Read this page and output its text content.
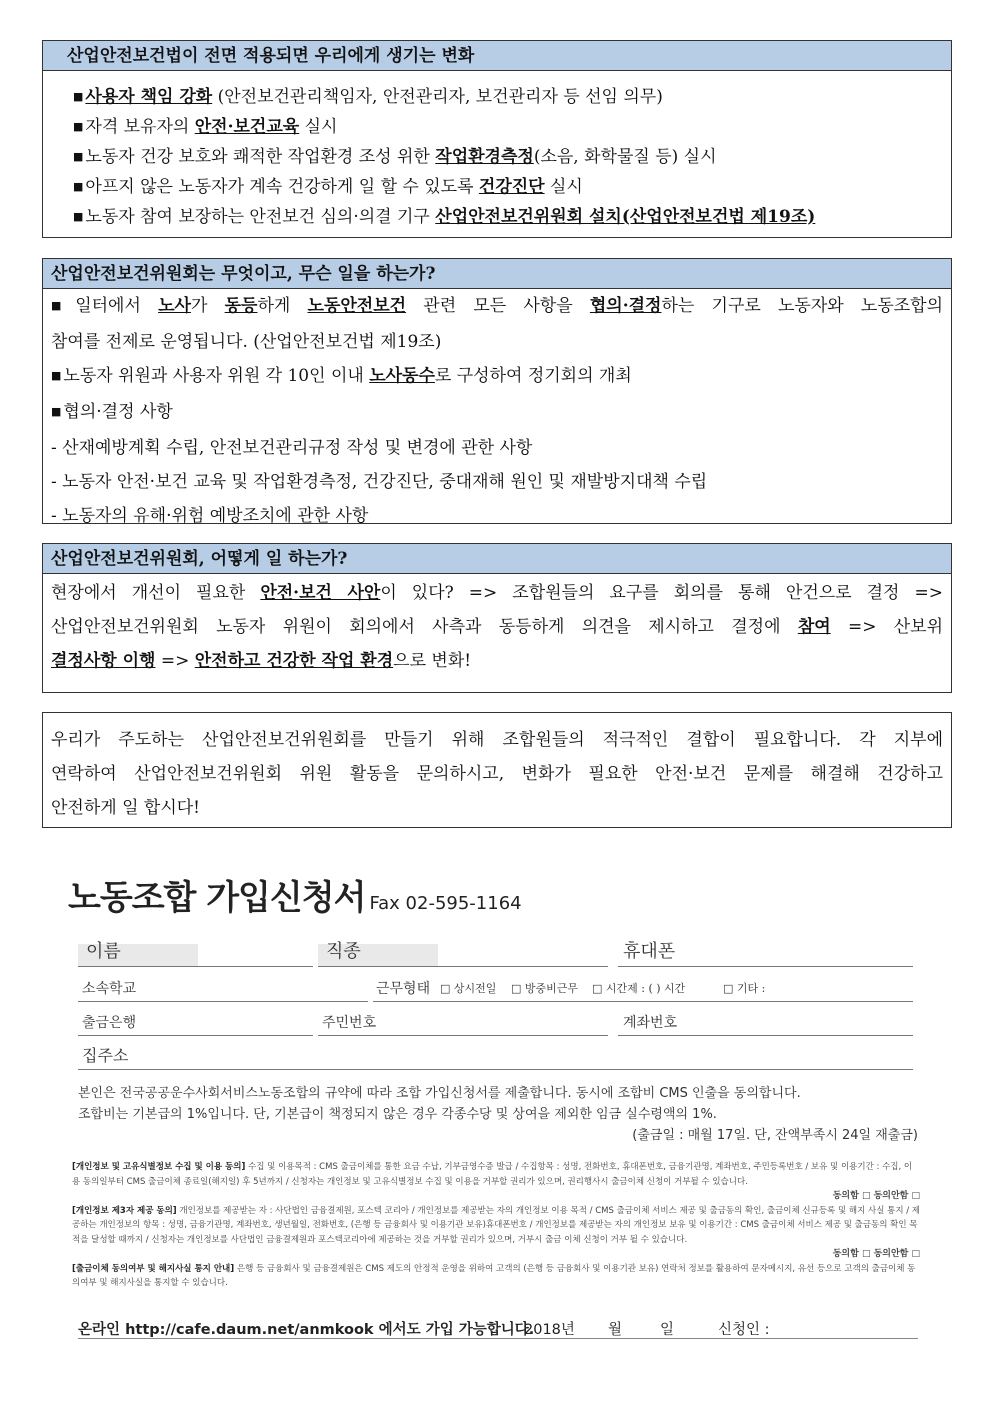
산업안전보건법이 전면 적용되면 우리에게 생기는 변화
■ 사용자 책임 강화 (안전보건관리책임자, 안전관리자, 보건관리자 등 선임 의무)
■ 자격 보유자의 안전·보건교육 실시
■ 노동자 건강 보호와 쾌적한 작업환경 조성 위한 작업환경측정(소음, 화학물질 등) 실시
■ 아프지 않은 노동자가 계속 건강하게 일 할 수 있도록 건강진단 실시
■ 노동자 참여 보장하는 안전보건 심의·의결 기구 산업안전보건위원회 설치(산업안전보건법 제19조)
산업안전보건위원회는 무엇이고, 무슨 일을 하는가?
■ 일터에서 노사가 동등하게 노동안전보건 관련 모든 사항을 협의·결정하는 기구로 노동자와 노동조합의
참여를 전제로 운영됩니다. (산업안전보건법 제19조)
■ 노동자 위원과 사용자 위원 각 10인 이내 노사동수로 구성하여 정기회의 개최
■ 협의·결정 사항
- 산재예방계획 수립, 안전보건관리규정 작성 및 변경에 관한 사항
- 노동자 안전·보건 교육 및 작업환경측정, 건강진단, 중대재해 원인 및 재발방지대책 수립
- 노동자의 유해·위험 예방조치에 관한 사항
산업안전보건위원회, 어떻게 일 하는가?
현장에서 개선이 필요한 안전·보건 사안이 있다? => 조합원들의 요구를 회의를 통해 안건으로 결정 =>
산업안전보건위원회 노동자 위원이 회의에서 사측과 동등하게 의견을 제시하고 결정에 참여 => 산보위
결정사항 이행 => 안전하고 건강한 작업 환경으로 변화!
우리가 주도하는 산업안전보건위원회를 만들기 위해 조합원들의 적극적인 결합이 필요합니다. 각 지부에
연락하여 산업안전보건위원회 위원 활동을 문의하시고, 변화가 필요한 안전·보건 문제를 해결해 건강하고
안전하게 일 합시다!
노동조합 가입신청서 Fax 02-595-1164
이름	직종	휴대폰
소속학교	근무형태 □ 상시전일 □ 방중비근무 □ 시간제 : ( ) 시간	□ 기타 :
출금은행	주민번호	계좌번호
집주소
본인은 전국공공운수사회서비스노동조합의 규약에 따라 조합 가입신청서를 제출합니다. 동시에 조합비 CMS 인출을 동의합니다.
조합비는 기본급의 1%입니다. 단, 기본급이 책정되지 않은 경우 각종수당 및 상여을 제외한 임금 실수령액의 1%.
(출금일 : 매월 17일. 단, 잔액부족시 24일 재출금)
[개인정보 및 고유식별정보 수집 및 이용 동의] 수집 및 이용목적 : CMS 출금이체를 통한 요금 수납, 기부금영수증 발급 / 수집항목 : 성명, 전화번호, 휴대폰번호, 금융기관명, 계좌번호, 주민등록번호 / 보유 및 이용기간 : 수집, 이용 동의일부터 CMS 출금이체 종료일(해지일) 후 5년까지 / 신청자는 개인정보 및 고유식별정보 수집 및 이용을 거부할 권리가 있으며, 권리행사시 출금이체 신청이 거부될 수 있습니다.
동의함 □ 동의안함 □
[개인정보 제3자 제공 동의] 개인정보를 제공받는 자 : 사단법인 금융결제원, 포스텍 코리아 / 개인정보를 제공받는 자의 개인정보 이용 목적 / CMS 출금이체 서비스 제공 및 출금동의 확인, 출금이체 신규등록 및 해지 사실 통지 / 제공하는 개인정보의 항목 : 성명, 금융기관명, 계좌번호, 생년월일, 전화번호, (은행 등 금융회사 및 이용기관 보유)휴대폰번호 / 개인정보를 제공받는 자의 개인정보 보유 및 이용기간 : CMS 출금이체 서비스 제공 및 출금동의 확인 목적을 달성할 때까지 / 신청자는 개인정보를 사단법인 금융결제원과 포스텍코리아에 제공하는 것을 거부할 권리가 있으며, 거부시 출금 이체 신청이 거부 될 수 있습니다.
동의함 □ 동의안함 □
[출금이체 동의여부 및 해지사실 통지 안내] 은행 등 금융회사 및 금융결제원은 CMS 제도의 안정적 운영을 위하여 고객의 (은행 등 금융회사 및 이용기관 보유) 연락처 정보를 활용하여 문자메시지, 유선 등으로 고객의 출금이체 동의여부 및 해지사실을 통지할 수 있습니다.
온라인 http://cafe.daum.net/anmkook 에서도 가입 가능합니다.
2018년 월	일	신청인 :
